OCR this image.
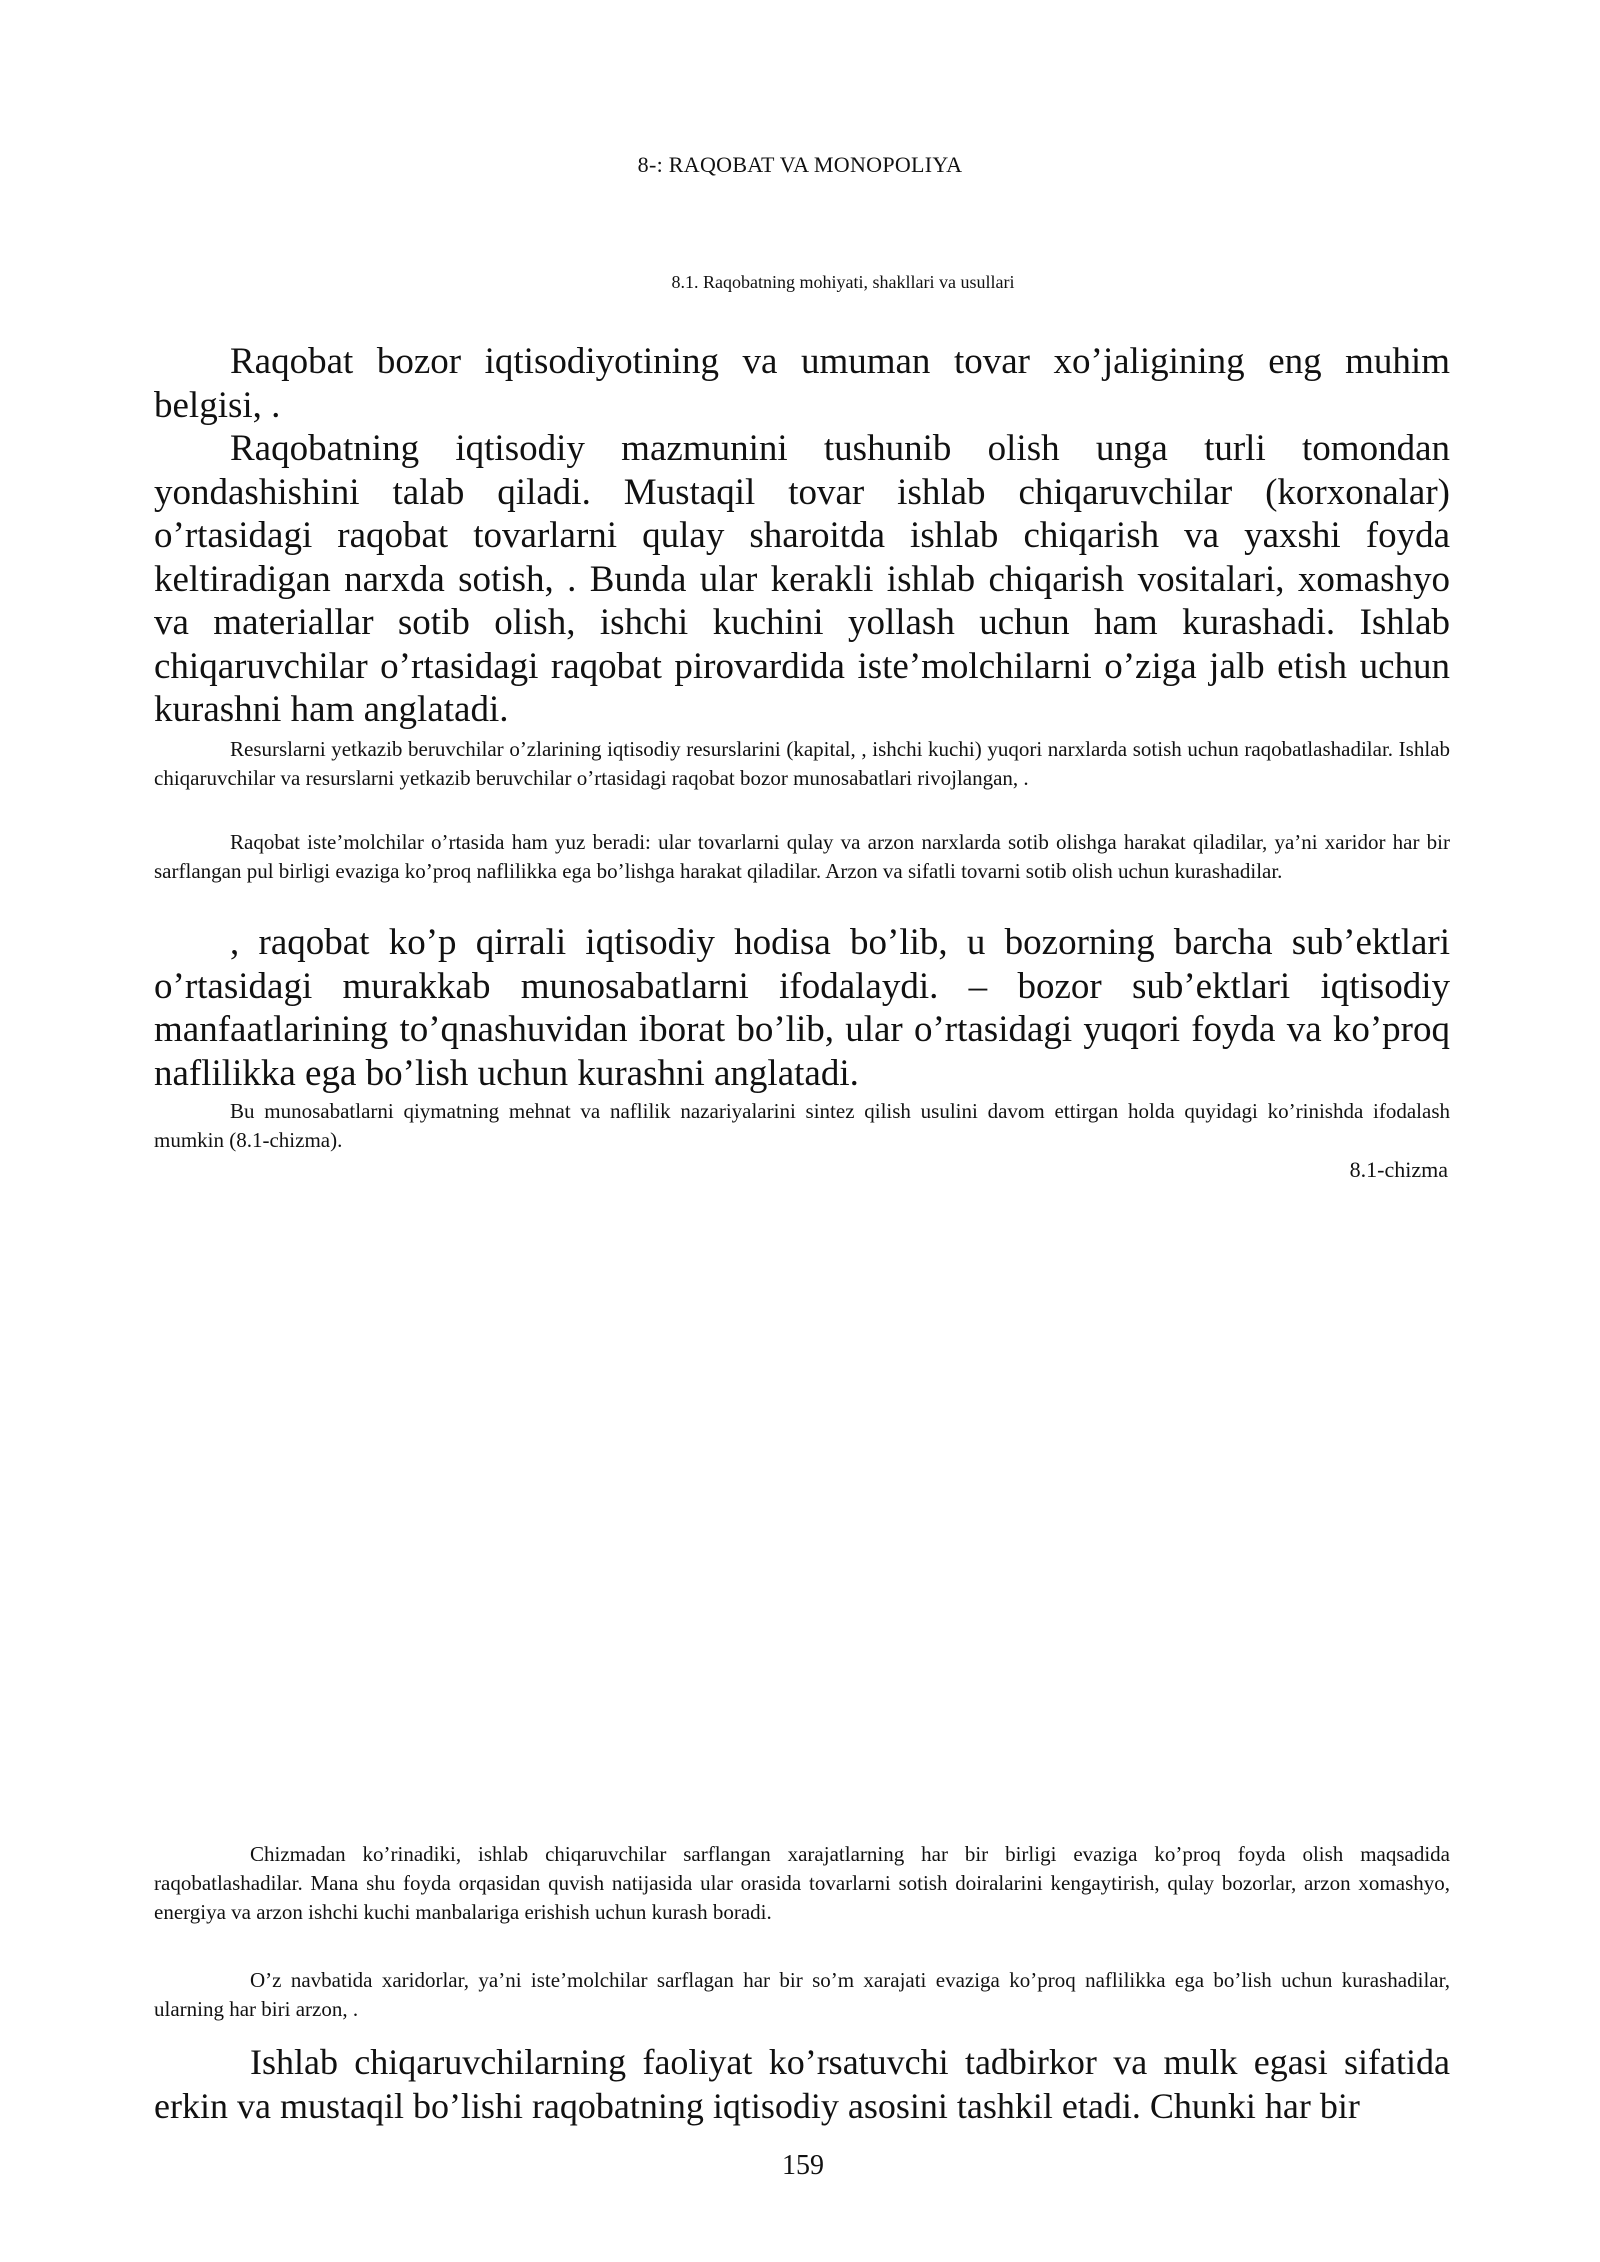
8-: RAQOBAT VA MONOPOLIYA
8.1. Raqobatning mohiyati, shakllari va usullari

Raqobat bozor iqtisodiyotining va umuman tovar xo’jaligining eng muhim belgisi, .

Raqobatning iqtisodiy mazmunini tushunib olish unga turli tomondan yondashishini talab qiladi. Mustaqil tovar ishlab chiqaruvchilar (korxonalar) o’rtasidagi raqobat tovarlarni qulay sharoitda ishlab chiqarish va yaxshi foyda keltiradigan narxda sotish, . Bunda ular kerakli ishlab chiqarish vositalari, xomashyo va materiallar sotib olish, ishchi kuchini yollash uchun ham kurashadi. Ishlab chiqaruvchilar o’rtasidagi raqobat pirovardida iste’molchilarni o’ziga jalb etish uchun kurashni ham anglatadi.

Resurslarni yetkazib beruvchilar o’zlarining iqtisodiy resurslarini (kapital, , ishchi kuchi) yuqori narxlarda sotish uchun raqobatlashadilar. Ishlab chiqaruvchilar va resurslarni yetkazib beruvchilar o’rtasidagi raqobat bozor munosabatlari rivojlangan, .

Raqobat iste’molchilar o’rtasida ham yuz beradi: ular tovarlarni qulay va arzon narxlarda sotib olishga harakat qiladilar, ya’ni xaridor har bir sarflangan pul birligi evaziga ko’proq naflilikka ega bo’lishga harakat qiladilar. Arzon va sifatli tovarni sotib olish uchun kurashadilar.

, raqobat ko’p qirrali iqtisodiy hodisa bo’lib, u bozorning barcha sub’ektlari o’rtasidagi murakkab munosabatlarni ifodalaydi. – bozor sub’ektlari iqtisodiy manfaatlarining to’qnashuvidan iborat bo’lib, ular o’rtasidagi yuqori foyda va ko’proq naflilikka ega bo’lish uchun kurashni anglatadi.

Bu munosabatlarni qiymatning mehnat va naflilik nazariyalarini sintez qilish usulini davom ettirgan holda quyidagi ko’rinishda ifodalash mumkin (8.1-chizma).

8.1-chizma

Chizmadan ko’rinadiki, ishlab chiqaruvchilar sarflangan xarajatlarning har bir birligi evaziga ko’proq foyda olish maqsadida raqobatlashadilar. Mana shu foyda orqasidan quvish natijasida ular orasida tovarlarni sotish doiralarini kengaytirish, qulay bozorlar, arzon xomashyo, energiya va arzon ishchi kuchi manbalariga erishish uchun kurash boradi.

O’z navbatida xaridorlar, ya’ni iste’molchilar sarflagan har bir so’m xarajati evaziga ko’proq naflilikka ega bo’lish uchun kurashadilar, ularning har biri arzon, .

Ishlab chiqaruvchilarning faoliyat ko’rsatuvchi tadbirkor va mulk egasi sifatida erkin va mustaqil bo’lishi raqobatning iqtisodiy asosini tashkil etadi. Chunki har bir

159
